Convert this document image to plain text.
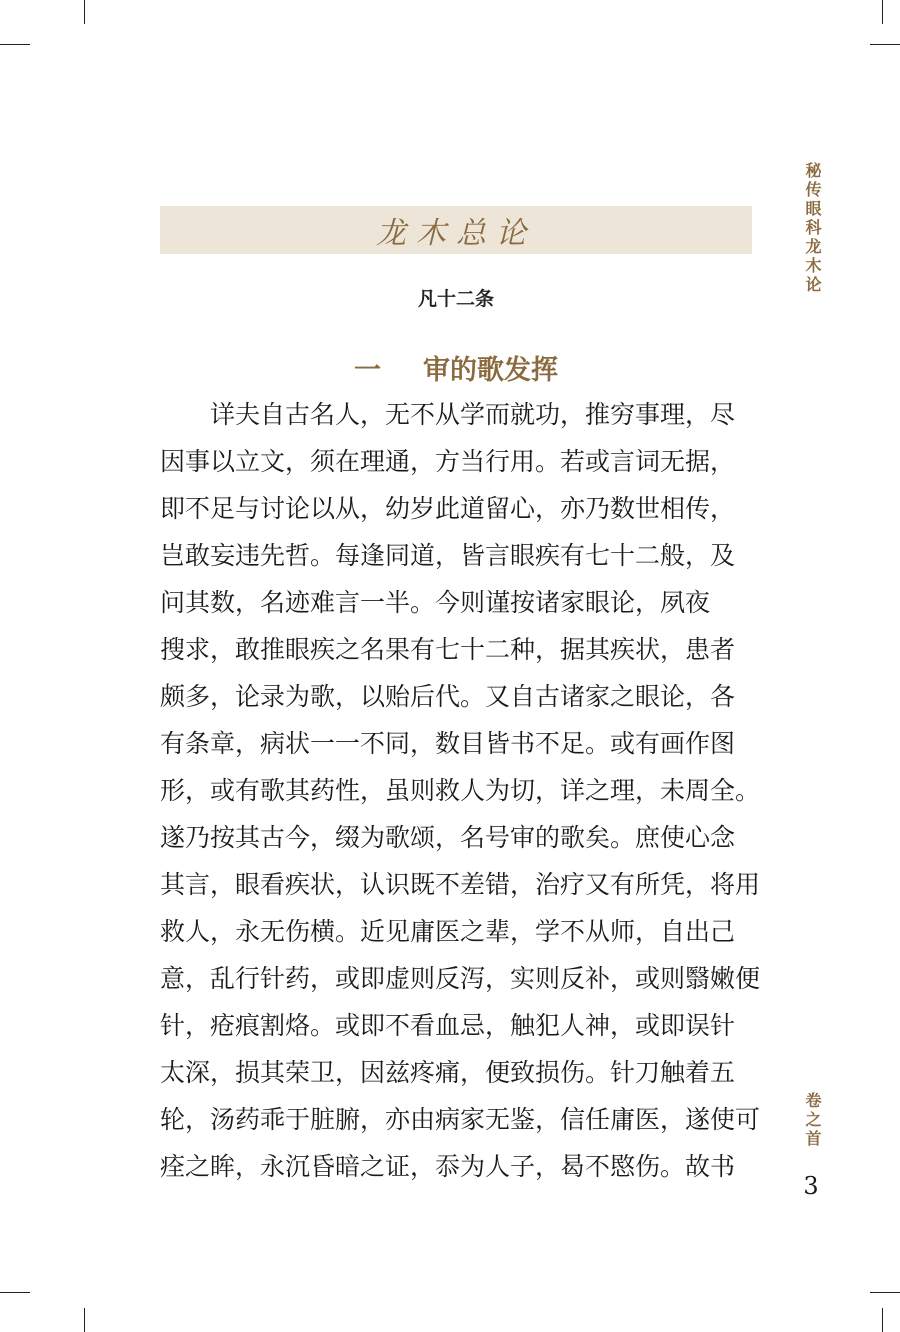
龙木总论
凡十二条
一 审的歌发挥
详夫自古名人，无不从学而就功，推穷事理，尽
因事以立文，须在理通，方当行用。若或言词无据，
即不足与讨论以从，幼岁此道留心，亦乃数世相传，
岂敢妄违先哲。每逢同道，皆言眼疾有七十二般，及
问其数，名迹难言一半。今则谨按诸家眼论，夙夜
搜求，敢推眼疾之名果有七十二种，据其疾状，患者
颇多，论录为歌，以贻后代。又自古诸家之眼论，各
有条章，病状一一不同，数目皆书不足。或有画作图
形，或有歌其药性，虽则救人为切，详之理，未周全。
遂乃按其古今，缀为歌颂，名号审的歌矣。庶使心念
其言，眼看疾状，认识既不差错，治疗又有所凭，将用
救人，永无伤横。近见庸医之辈，学不从师，自出己
意，乱行针药，或即虚则反泻，实则反补，或则翳嫩便
针，疮痕割烙。或即不看血忌，触犯人神，或即误针
太深，损其荣卫，因兹疼痛，便致损伤。针刀触着五
轮，汤药乖于脏腑，亦由病家无鉴，信任庸医，遂使可
痊之眸，永沉昏暗之证，忝为人子，曷不愍伤。故书
秘传眼科龙木论
卷之首
3
